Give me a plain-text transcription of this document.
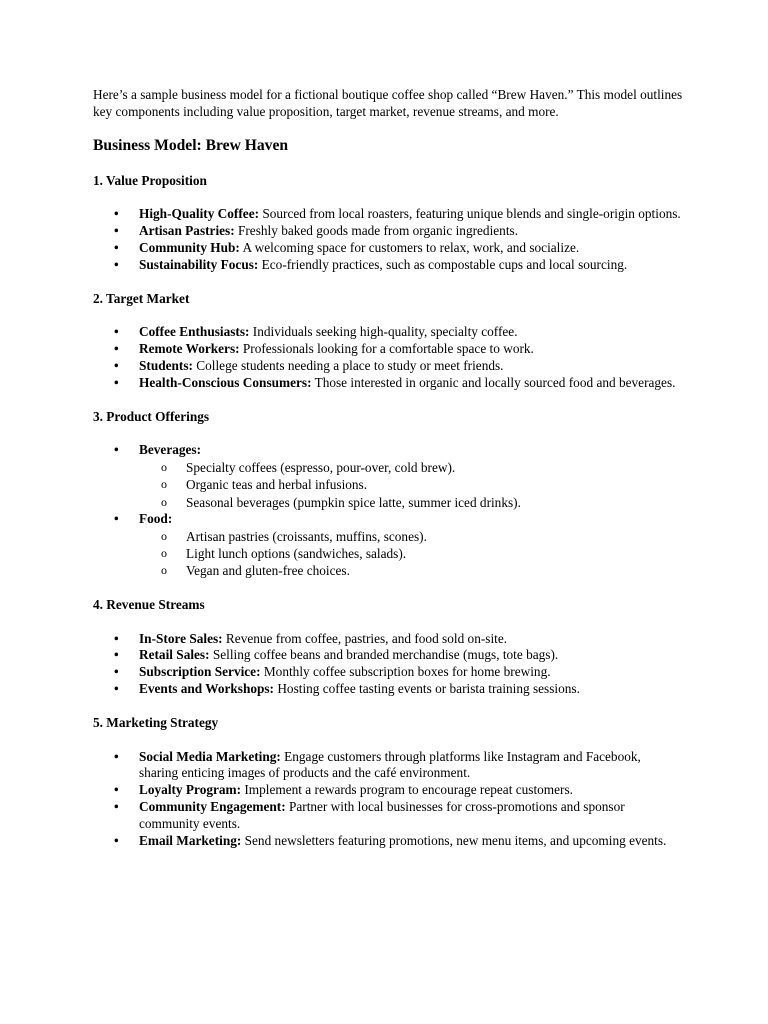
Here’s a sample business model for a fictional boutique coffee shop called “Brew Haven.” This model outlines key components including value proposition, target market, revenue streams, and more.

Business Model: Brew Haven
1. Value Proposition
• High-Quality Coffee: Sourced from local roasters, featuring unique blends and single-origin options.
• Artisan Pastries: Freshly baked goods made from organic ingredients.
• Community Hub: A welcoming space for customers to relax, work, and socialize.
• Sustainability Focus: Eco-friendly practices, such as compostable cups and local sourcing.
2. Target Market
• Coffee Enthusiasts: Individuals seeking high-quality, specialty coffee.
• Remote Workers: Professionals looking for a comfortable space to work.
• Students: College students needing a place to study or meet friends.
• Health-Conscious Consumers: Those interested in organic and locally sourced food and beverages.
3. Product Offerings
• Beverages:
o Specialty coffees (espresso, pour-over, cold brew).
o Organic teas and herbal infusions.
o Seasonal beverages (pumpkin spice latte, summer iced drinks).
• Food:
o Artisan pastries (croissants, muffins, scones).
o Light lunch options (sandwiches, salads).
o Vegan and gluten-free choices.
4. Revenue Streams
• In-Store Sales: Revenue from coffee, pastries, and food sold on-site.
• Retail Sales: Selling coffee beans and branded merchandise (mugs, tote bags).
• Subscription Service: Monthly coffee subscription boxes for home brewing.
• Events and Workshops: Hosting coffee tasting events or barista training sessions.
5. Marketing Strategy
• Social Media Marketing: Engage customers through platforms like Instagram and Facebook, sharing enticing images of products and the café environment.
• Loyalty Program: Implement a rewards program to encourage repeat customers.
• Community Engagement: Partner with local businesses for cross-promotions and sponsor community events.
• Email Marketing: Send newsletters featuring promotions, new menu items, and upcoming events.
